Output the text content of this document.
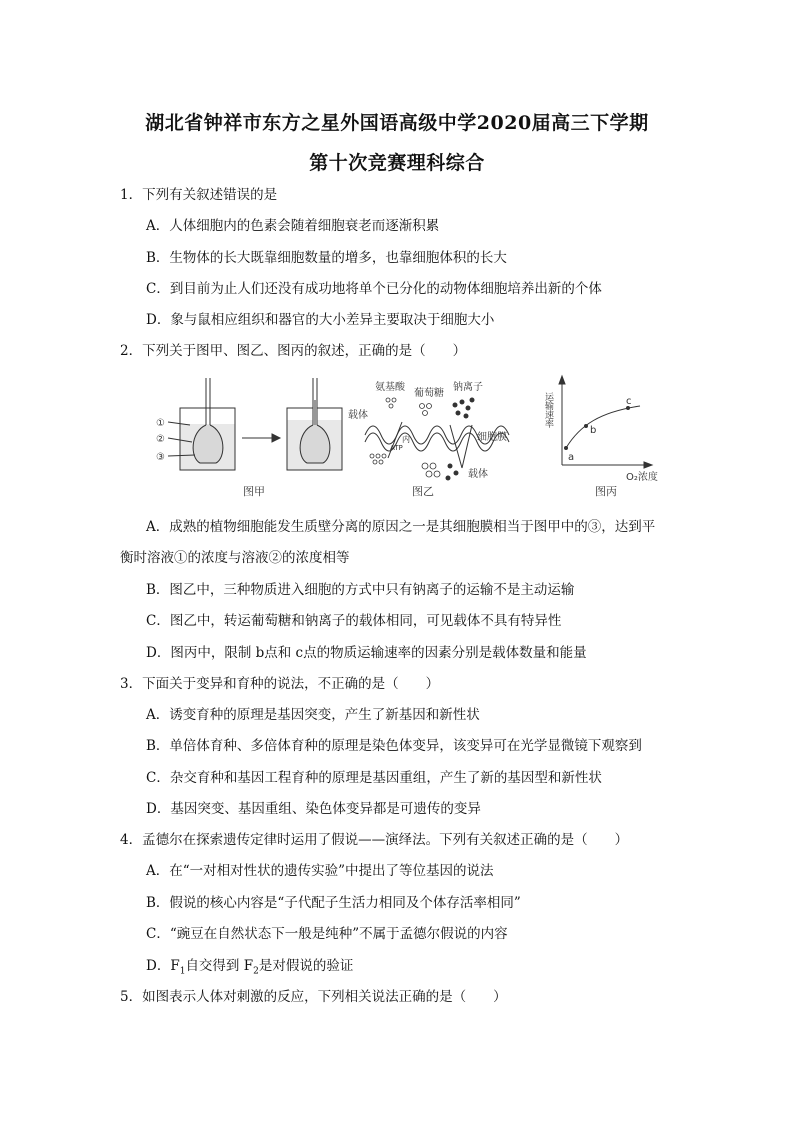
湖北省钟祥市东方之星外国语高级中学2020届高三下学期
第十次竞赛理科综合
1．下列有关叙述错误的是
A．人体细胞内的色素会随着细胞衰老而逐渐积累
B．生物体的长大既靠细胞数量的增多，也靠细胞体积的长大
C．到目前为止人们还没有成功地将单个已分化的动物体细胞培养出新的个体
D．象与鼠相应组织和器官的大小差异主要取决于细胞大小
2．下列关于图甲、图乙、图丙的叙述，正确的是（　　）
①
②
③
图甲
氨基酸
葡萄糖
钠离子
载体
载体
细胞膜
ATP
内
图乙
运输速率
O₂浓度
a
b
c
图丙
A．成熟的植物细胞能发生质壁分离的原因之一是其细胞膜相当于图甲中的③，达到平
衡时溶液①的浓度与溶液②的浓度相等
B．图乙中，三种物质进入细胞的方式中只有钠离子的运输不是主动运输
C．图乙中，转运葡萄糖和钠离子的载体相同，可见载体不具有特异性
D．图丙中，限制 b点和 c点的物质运输速率的因素分别是载体数量和能量
3．下面关于变异和育种的说法，不正确的是（　　）
A．诱变育种的原理是基因突变，产生了新基因和新性状
B．单倍体育种、多倍体育种的原理是染色体变异，该变异可在光学显微镜下观察到
C．杂交育种和基因工程育种的原理是基因重组，产生了新的基因型和新性状
D．基因突变、基因重组、染色体变异都是可遗传的变异
4．孟德尔在探索遗传定律时运用了假说——演绎法。下列有关叙述正确的是（　　）
A．在“一对相对性状的遗传实验”中提出了等位基因的说法
B．假说的核心内容是“子代配子生活力相同及个体存活率相同”
C．“豌豆在自然状态下一般是纯种”不属于孟德尔假说的内容
D．$F_1$自交得到 $F_2$是对假说的验证
5．如图表示人体对刺激的反应，下列相关说法正确的是（　　）
